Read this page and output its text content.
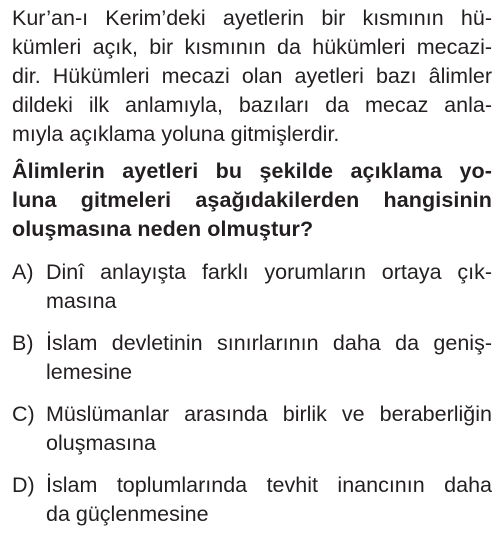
Kur’an-ı Kerim’deki ayetlerin bir kısmının hü-
kümleri açık, bir kısmının da hükümleri mecazi-
dir. Hükümleri mecazi olan ayetleri bazı âlimler
dildeki ilk anlamıyla, bazıları da mecaz anla-
mıyla açıklama yoluna gitmişlerdir.
Âlimlerin ayetleri bu şekilde açıklama yo-
luna gitmeleri aşağıdakilerden hangisinin
oluşmasına neden olmuştur?
A) Dinî anlayışta farklı yorumların ortaya çık-
masına
B) İslam devletinin sınırlarının daha da geniş-
lemesine
C) Müslümanlar arasında birlik ve beraberliğin
oluşmasına
D) İslam toplumlarında tevhit inancının daha
da güçlenmesine
